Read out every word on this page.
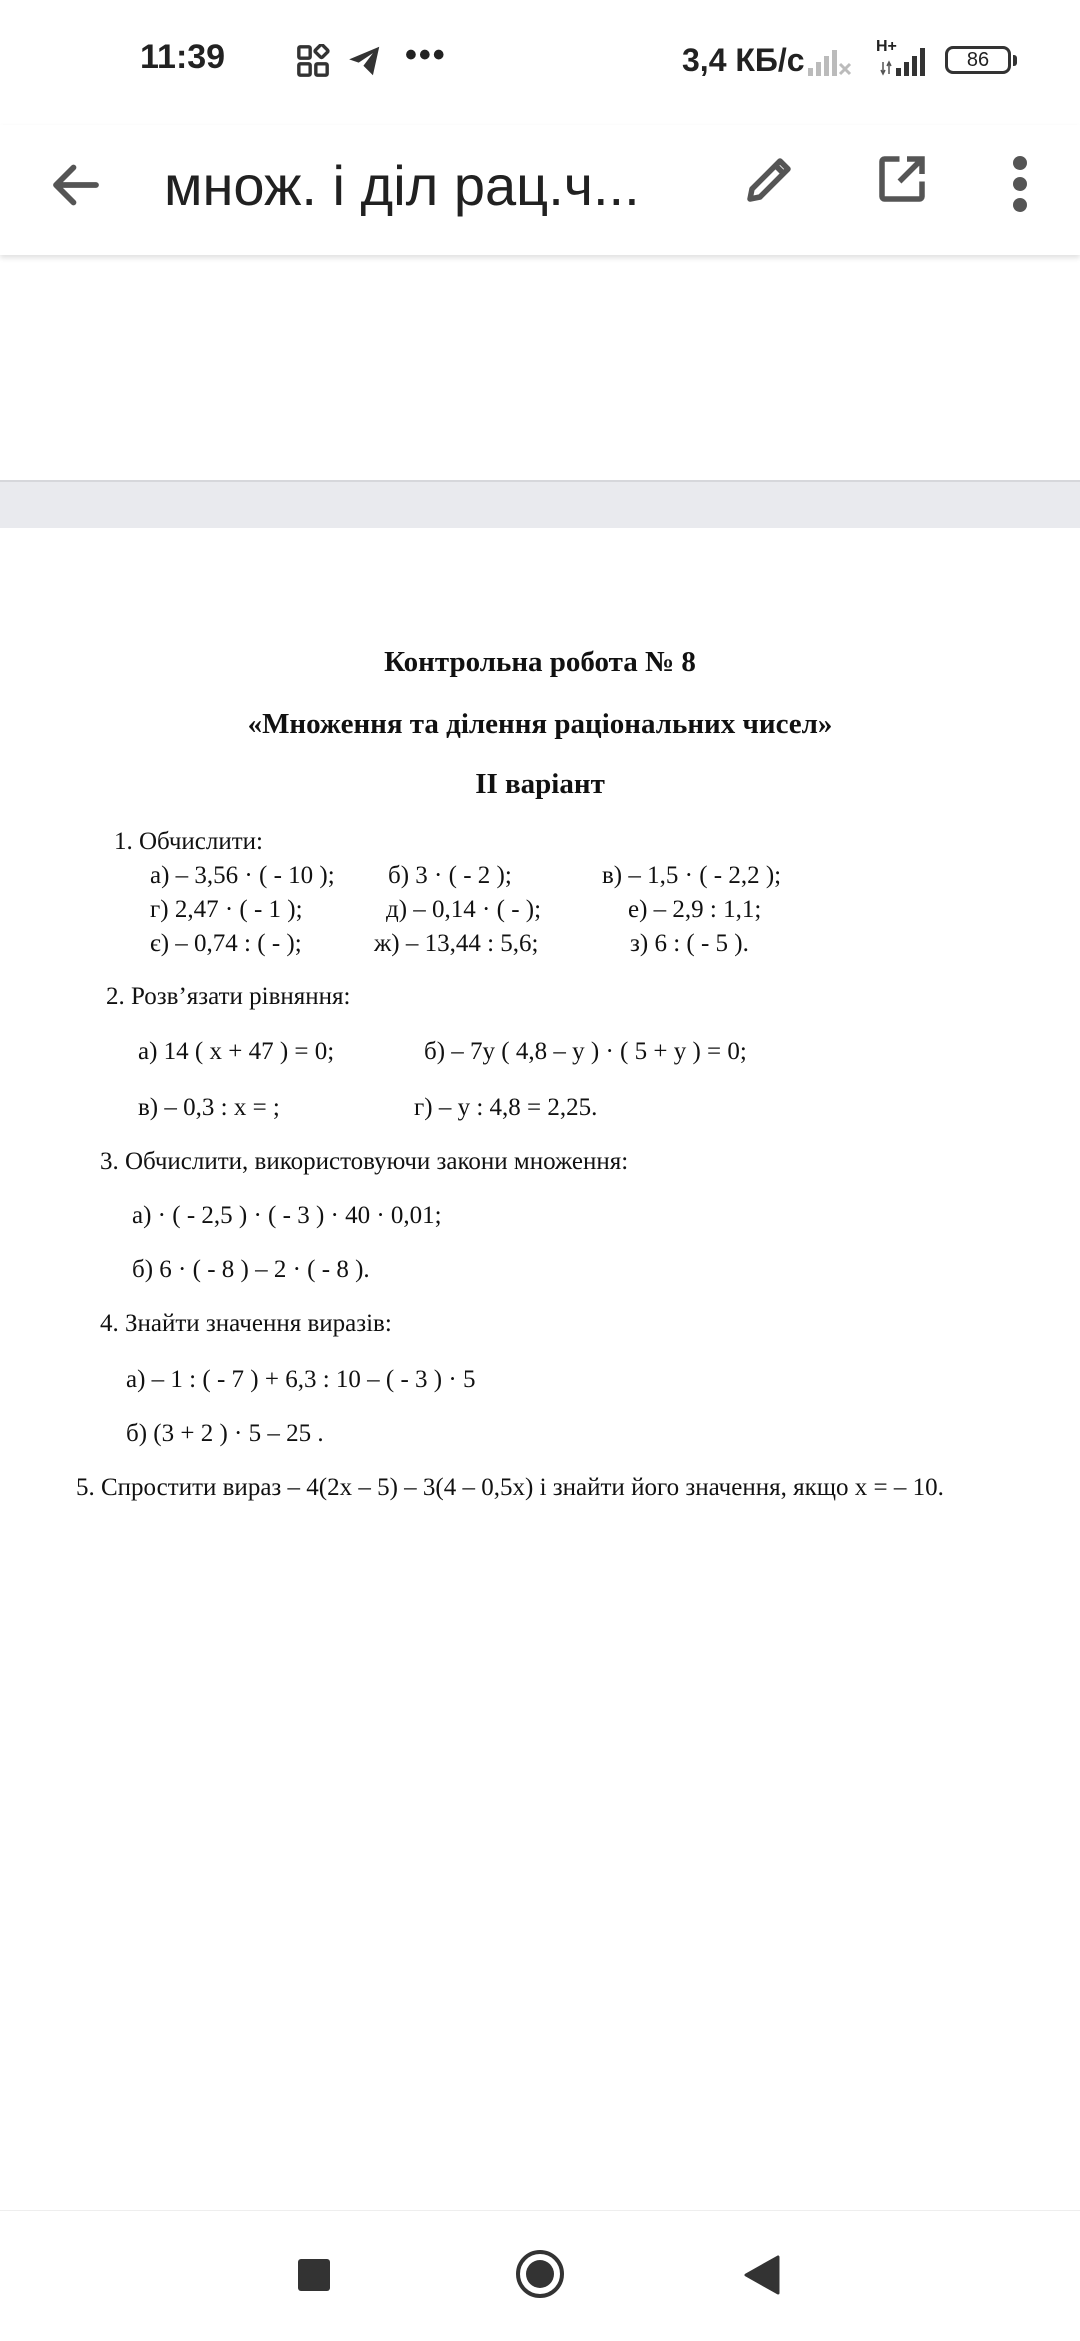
11:39	•••	3,4 КБ/с	H+
86
множ. і діл рац.ч...
Контрольна робота № 8
«Множення та ділення раціональних чисел»
ІІ варіант
1. Обчислити:
а) – 3,56 · ( - 10 ); б) 3 · ( - 2 );	в) – 1,5 · ( - 2,2 );
г) 2,47 · ( - 1 );	д) – 0,14 · ( - );	е) – 2,9 : 1,1;
є) – 0,74 : ( - );	ж) – 13,44 : 5,6;	з) 6 : ( - 5 ).
2. Розв’язати рівняння:
а) 14 ( x + 47 ) = 0;	б) – 7y ( 4,8 – y ) · ( 5 + y ) = 0;
в) – 0,3 : x = ;	г) – y : 4,8 = 2,25.
3. Обчислити, використовуючи закони множення:
а) · ( - 2,5 ) · ( - 3 ) · 40 · 0,01;
б) 6 · ( - 8 ) – 2 · ( - 8 ).
4. Знайти значення виразів:
а) – 1 : ( - 7 ) + 6,3 : 10 – ( - 3 ) · 5
б) (3 + 2 ) · 5 – 25 .
5. Спростити вираз – 4(2х – 5) – 3(4 – 0,5х) і знайти його значення, якщо х = – 10.
